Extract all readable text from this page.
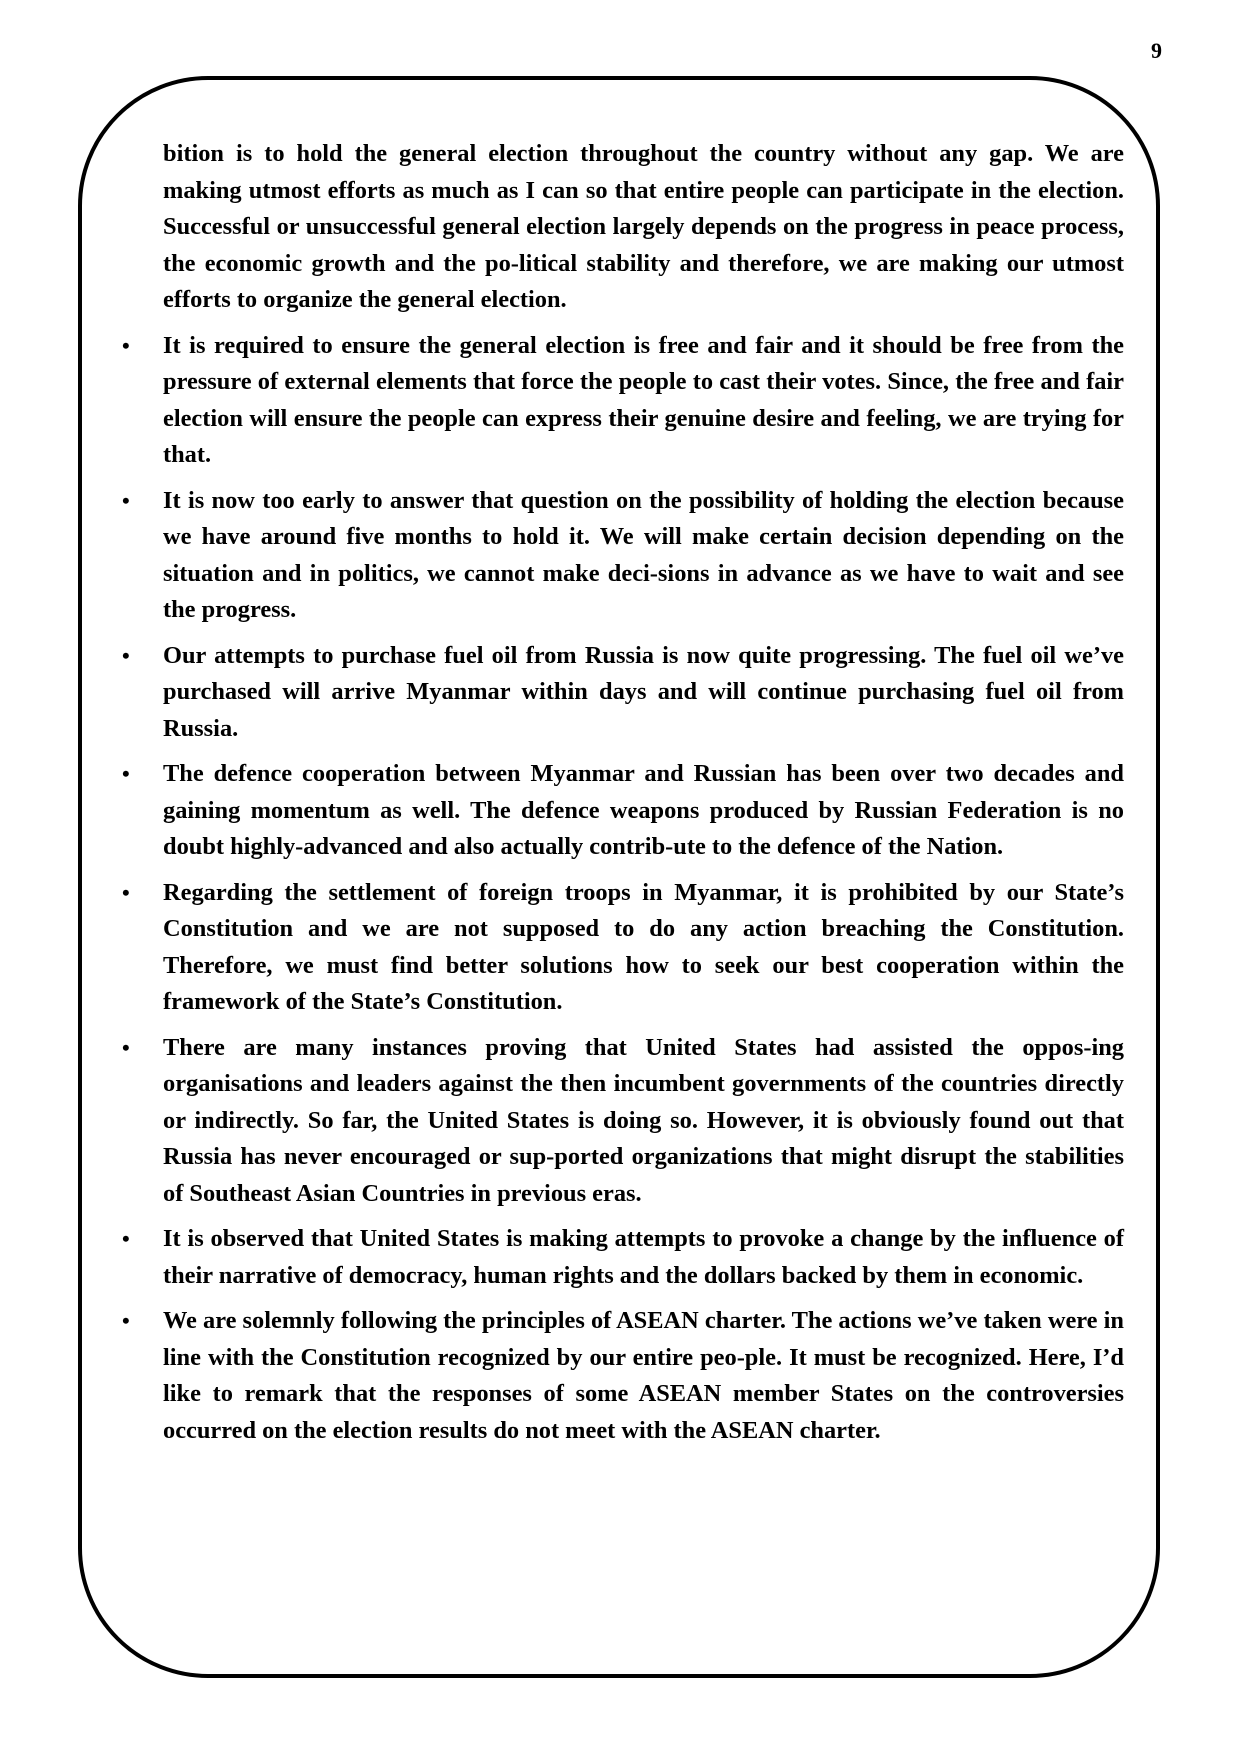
9

bition is to hold the general election throughout the country without any gap. We are making utmost efforts as much as I can so that entire people can participate in the election. Successful or unsuccessful general election largely depends on the progress in peace process, the economic growth and the po-litical stability and therefore, we are making our utmost efforts to organize the general election.

• It is required to ensure the general election is free and fair and it should be free from the pressure of external elements that force the people to cast their votes. Since, the free and fair election will ensure the people can express their genuine desire and feeling, we are trying for that.
• It is now too early to answer that question on the possibility of holding the election because we have around five months to hold it. We will make certain decision depending on the situation and in politics, we cannot make deci-sions in advance as we have to wait and see the progress.
• Our attempts to purchase fuel oil from Russia is now quite progressing. The fuel oil we’ve purchased will arrive Myanmar within days and will continue purchasing fuel oil from Russia.
• The defence cooperation between Myanmar and Russian has been over two decades and gaining momentum as well. The defence weapons produced by Russian Federation is no doubt highly-advanced and also actually contrib-ute to the defence of the Nation.
• Regarding the settlement of foreign troops in Myanmar, it is prohibited by our State’s Constitution and we are not supposed to do any action breaching the Constitution. Therefore, we must find better solutions how to seek our best cooperation within the framework of the State’s Constitution.
• There are many instances proving that United States had assisted the oppos-ing organisations and leaders against the then incumbent governments of the countries directly or indirectly. So far, the United States is doing so. However, it is obviously found out that Russia has never encouraged or sup-ported organizations that might disrupt the stabilities of Southeast Asian Countries in previous eras.
• It is observed that United States is making attempts to provoke a change by the influence of their narrative of democracy, human rights and the dollars backed by them in economic.
• We are solemnly following the principles of ASEAN charter. The actions we’ve taken were in line with the Constitution recognized by our entire peo-ple. It must be recognized. Here, I’d like to remark that the responses of some ASEAN member States on the controversies occurred on the election results do not meet with the ASEAN charter.
